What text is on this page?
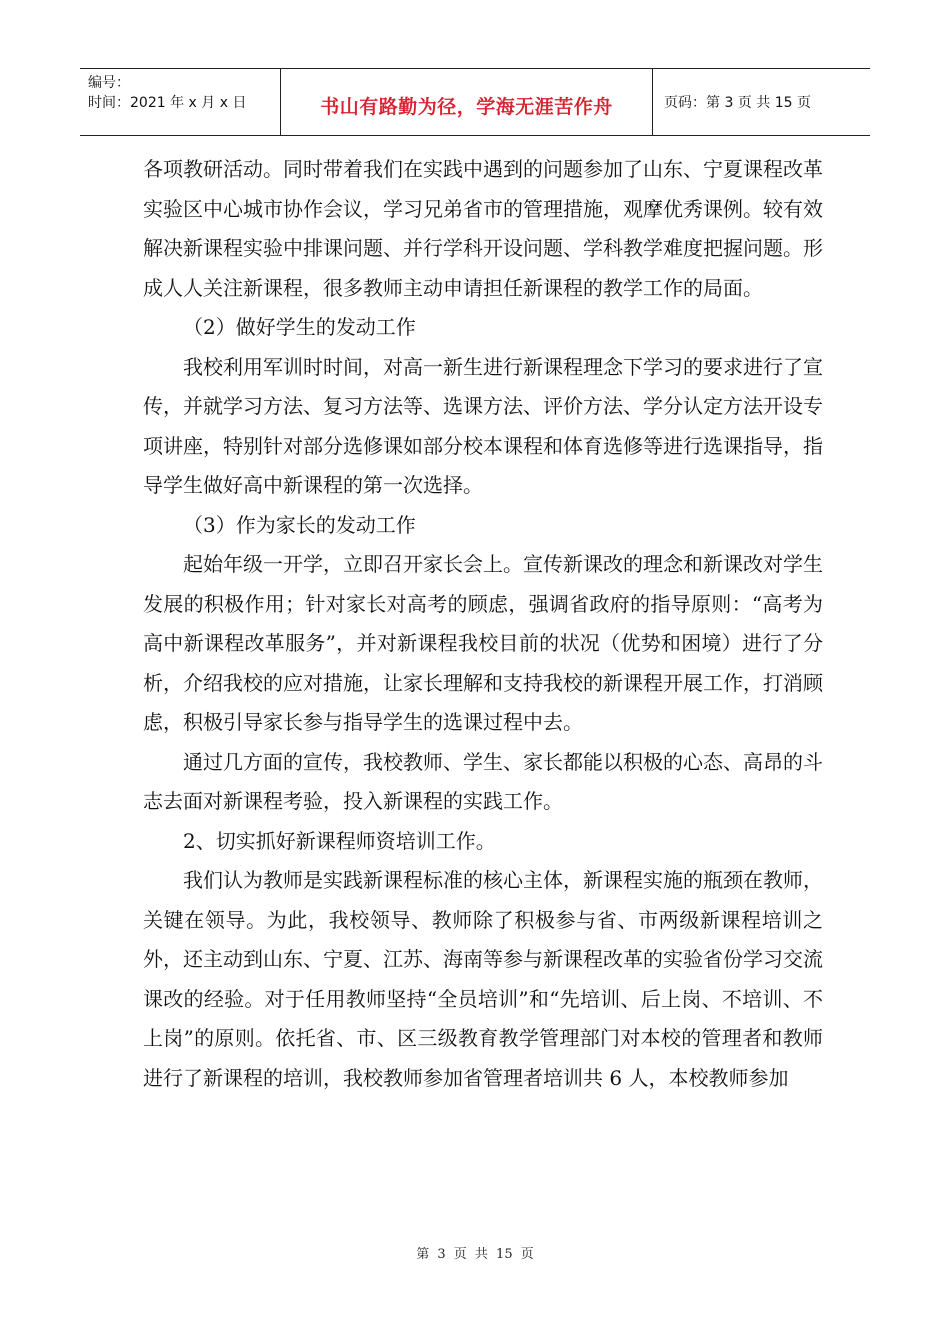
编号：
时间：2021 年 x 月 x 日	书山有路勤为径，学海无涯苦作舟	页码：第 3 页 共 15 页

各项教研活动。同时带着我们在实践中遇到的问题参加了山东、宁夏课程改革实验区中心城市协作会议，学习兄弟省市的管理措施，观摩优秀课例。较有效解决新课程实验中排课问题、并行学科开设问题、学科教学难度把握问题。形成人人关注新课程，很多教师主动申请担任新课程的教学工作的局面。

（2）做好学生的发动工作

我校利用军训时时间，对高一新生进行新课程理念下学习的要求进行了宣传，并就学习方法、复习方法等、选课方法、评价方法、学分认定方法开设专项讲座，特别针对部分选修课如部分校本课程和体育选修等进行选课指导，指导学生做好高中新课程的第一次选择。

（3）作为家长的发动工作

起始年级一开学，立即召开家长会上。宣传新课改的理念和新课改对学生发展的积极作用；针对家长对高考的顾虑，强调省政府的指导原则：“高考为高中新课程改革服务”，并对新课程我校目前的状况（优势和困境）进行了分析，介绍我校的应对措施，让家长理解和支持我校的新课程开展工作，打消顾虑，积极引导家长参与指导学生的选课过程中去。

通过几方面的宣传，我校教师、学生、家长都能以积极的心态、高昂的斗志去面对新课程考验，投入新课程的实践工作。

2、切实抓好新课程师资培训工作。

我们认为教师是实践新课程标准的核心主体，新课程实施的瓶颈在教师，关键在领导。为此，我校领导、教师除了积极参与省、市两级新课程培训之外，还主动到山东、宁夏、江苏、海南等参与新课程改革的实验省份学习交流课改的经验。对于任用教师坚持“全员培训”和“先培训、后上岗、不培训、不上岗”的原则。依托省、市、区三级教育教学管理部门对本校的管理者和教师进行了新课程的培训，我校教师参加省管理者培训共 6 人，本校教师参加

第 3 页 共 15 页
